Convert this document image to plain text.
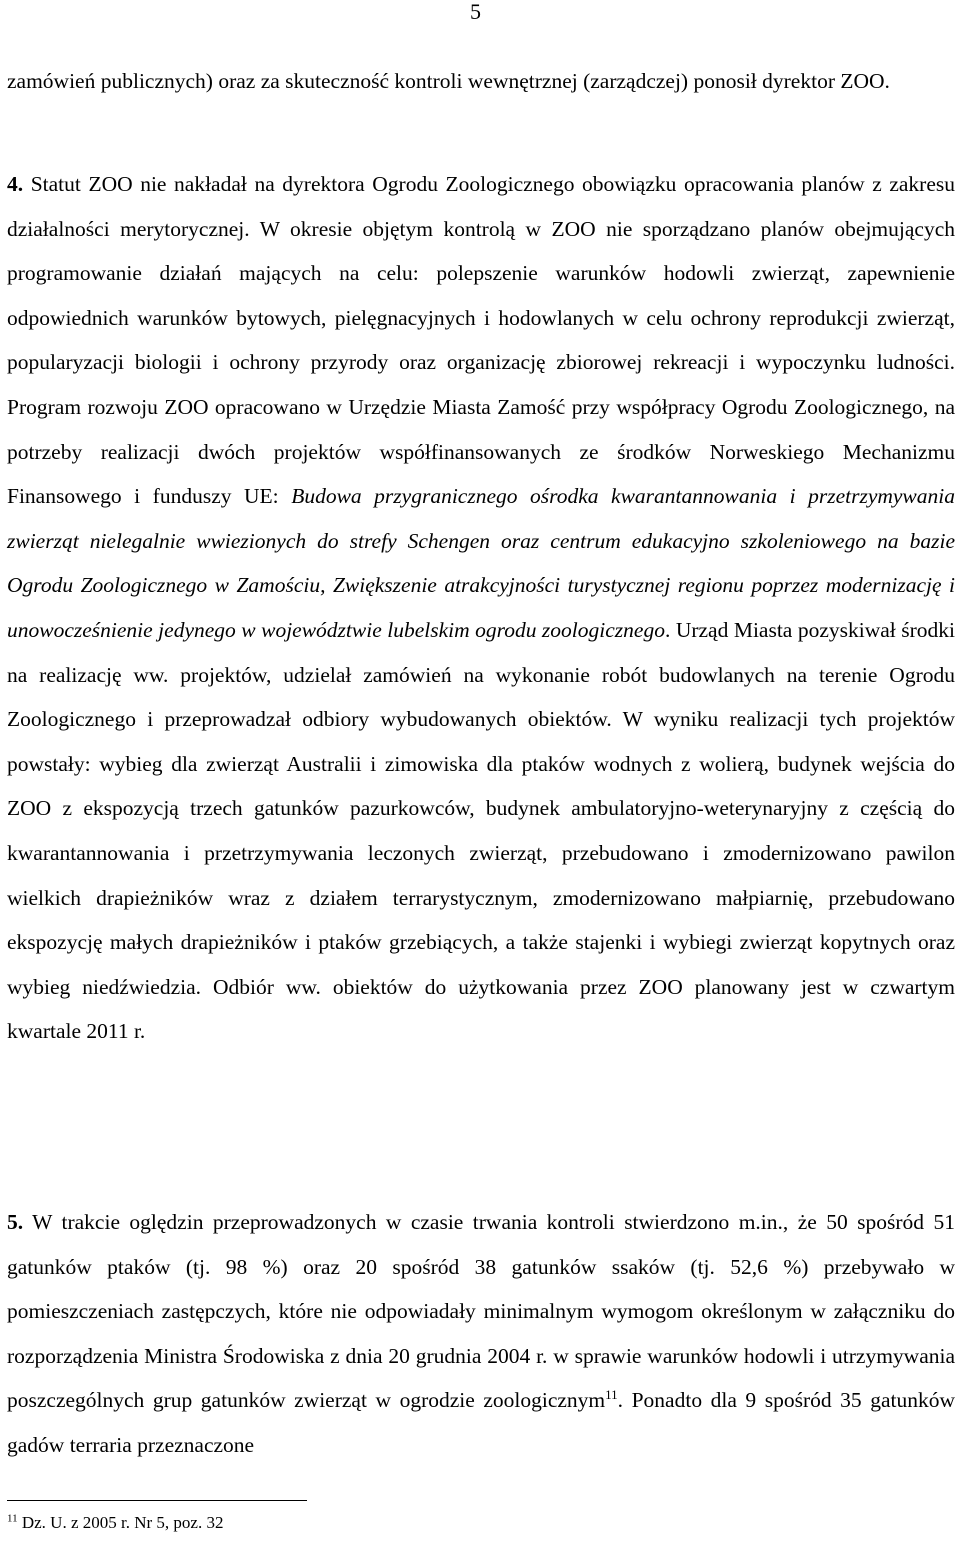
5

zamówień publicznych) oraz za skuteczność kontroli wewnętrznej (zarządczej) ponosił dyrektor ZOO.

4. Statut ZOO nie nakładał na dyrektora Ogrodu Zoologicznego obowiązku opracowania planów z zakresu działalności merytorycznej. W okresie objętym kontrolą w ZOO nie sporządzano planów obejmujących programowanie działań mających na celu: polepszenie warunków hodowli zwierząt, zapewnienie odpowiednich warunków bytowych, pielęgnacyjnych i hodowlanych w celu ochrony reprodukcji zwierząt, popularyzacji biologii i ochrony przyrody oraz organizację zbiorowej rekreacji i wypoczynku ludności. Program rozwoju ZOO opracowano w Urzędzie Miasta Zamość przy współpracy Ogrodu Zoologicznego, na potrzeby realizacji dwóch projektów współfinansowanych ze środków Norweskiego Mechanizmu Finansowego i funduszy UE: Budowa przygranicznego ośrodka kwarantannowania i przetrzymywania zwierząt nielegalnie wwiezionych do strefy Schengen oraz centrum edukacyjno szkoleniowego na bazie Ogrodu Zoologicznego w Zamościu, Zwiększenie atrakcyjności turystycznej regionu poprzez modernizację i unowocześnienie jedynego w województwie lubelskim ogrodu zoologicznego. Urząd Miasta pozyskiwał środki na realizację ww. projektów, udzielał zamówień na wykonanie robót budowlanych na terenie Ogrodu Zoologicznego i przeprowadzał odbiory wybudowanych obiektów. W wyniku realizacji tych projektów powstały: wybieg dla zwierząt Australii i zimowiska dla ptaków wodnych z wolierą, budynek wejścia do ZOO z ekspozycją trzech gatunków pazurkowców, budynek ambulatoryjno-weterynaryjny z częścią do kwarantannowania i przetrzymywania leczonych zwierząt, przebudowano i zmodernizowano pawilon wielkich drapieżników wraz z działem terrarystycznym, zmodernizowano małpiarnię, przebudowano ekspozycję małych drapieżników i ptaków grzebiących, a także stajenki i wybiegi zwierząt kopytnych oraz wybieg niedźwiedzia. Odbiór ww. obiektów do użytkowania przez ZOO planowany jest w czwartym kwartale 2011 r.

5. W trakcie oględzin przeprowadzonych w czasie trwania kontroli stwierdzono m.in., że 50 spośród 51 gatunków ptaków (tj. 98 %) oraz 20 spośród 38 gatunków ssaków (tj. 52,6 %) przebywało w pomieszczeniach zastępczych, które nie odpowiadały minimalnym wymogom określonym w załączniku do rozporządzenia Ministra Środowiska z dnia 20 grudnia 2004 r. w sprawie warunków hodowli i utrzymywania poszczególnych grup gatunków zwierząt w ogrodzie zoologicznym$^{11}$. Ponadto dla 9 spośród 35 gatunków gadów terraria przeznaczone

$^{11}$ Dz. U. z 2005 r. Nr 5, poz. 32
